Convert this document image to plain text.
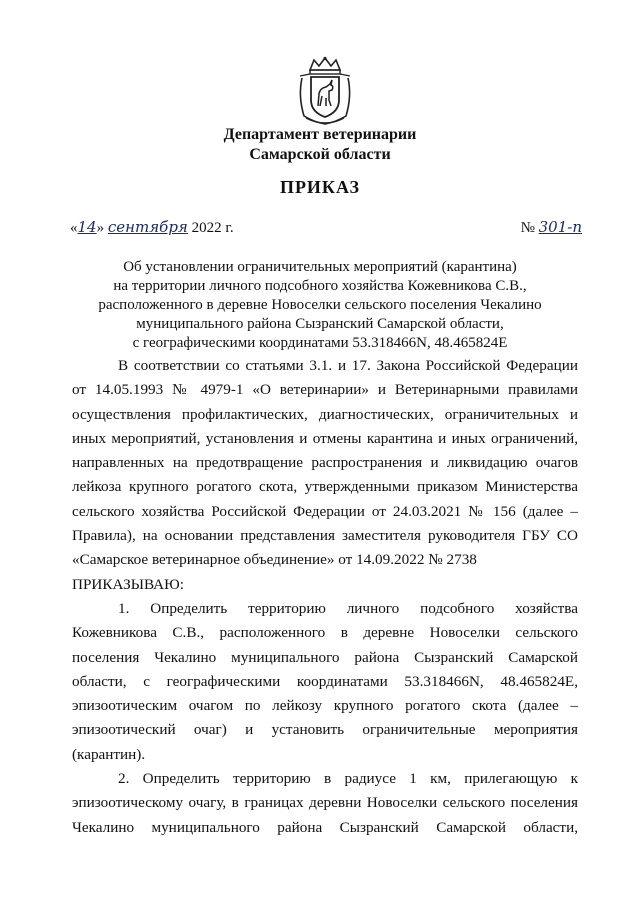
Департамент ветеринарии
Самарской области
ПРИКАЗ
«14» сентября 2022 г.	№ 301-п
Об установлении ограничительных мероприятий (карантина)
на территории личного подсобного хозяйства Кожевникова С.В.,
расположенного в деревне Новоселки сельского поселения Чекалино
муниципального района Сызранский Самарской области,
с географическими координатами 53.318466N, 48.465824E

В соответствии со статьями 3.1. и 17. Закона Российской Федерации от 14.05.1993 № 4979-1 «О ветеринарии» и Ветеринарными правилами осуществления профилактических, диагностических, ограничительных и иных мероприятий, установления и отмены карантина и иных ограничений, направленных на предотвращение распространения и ликвидацию очагов лейкоза крупного рогатого скота, утвержденными приказом Министерства сельского хозяйства Российской Федерации от 24.03.2021 № 156 (далее – Правила), на основании представления заместителя руководителя ГБУ СО «Самарское ветеринарное объединение» от 14.09.2022 № 2738

ПРИКАЗЫВАЮ:

1. Определить территорию личного подсобного хозяйства Кожевникова С.В., расположенного в деревне Новоселки сельского поселения Чекалино муниципального района Сызранский Самарской области, с географическими координатами 53.318466N, 48.465824E, эпизоотическим очагом по лейкозу крупного рогатого скота (далее – эпизоотический очаг) и установить ограничительные мероприятия (карантин).

2. Определить территорию в радиусе 1 км, прилегающую к эпизоотическому очагу, в границах деревни Новоселки сельского поселения Чекалино муниципального района Сызранский Самарской области,
